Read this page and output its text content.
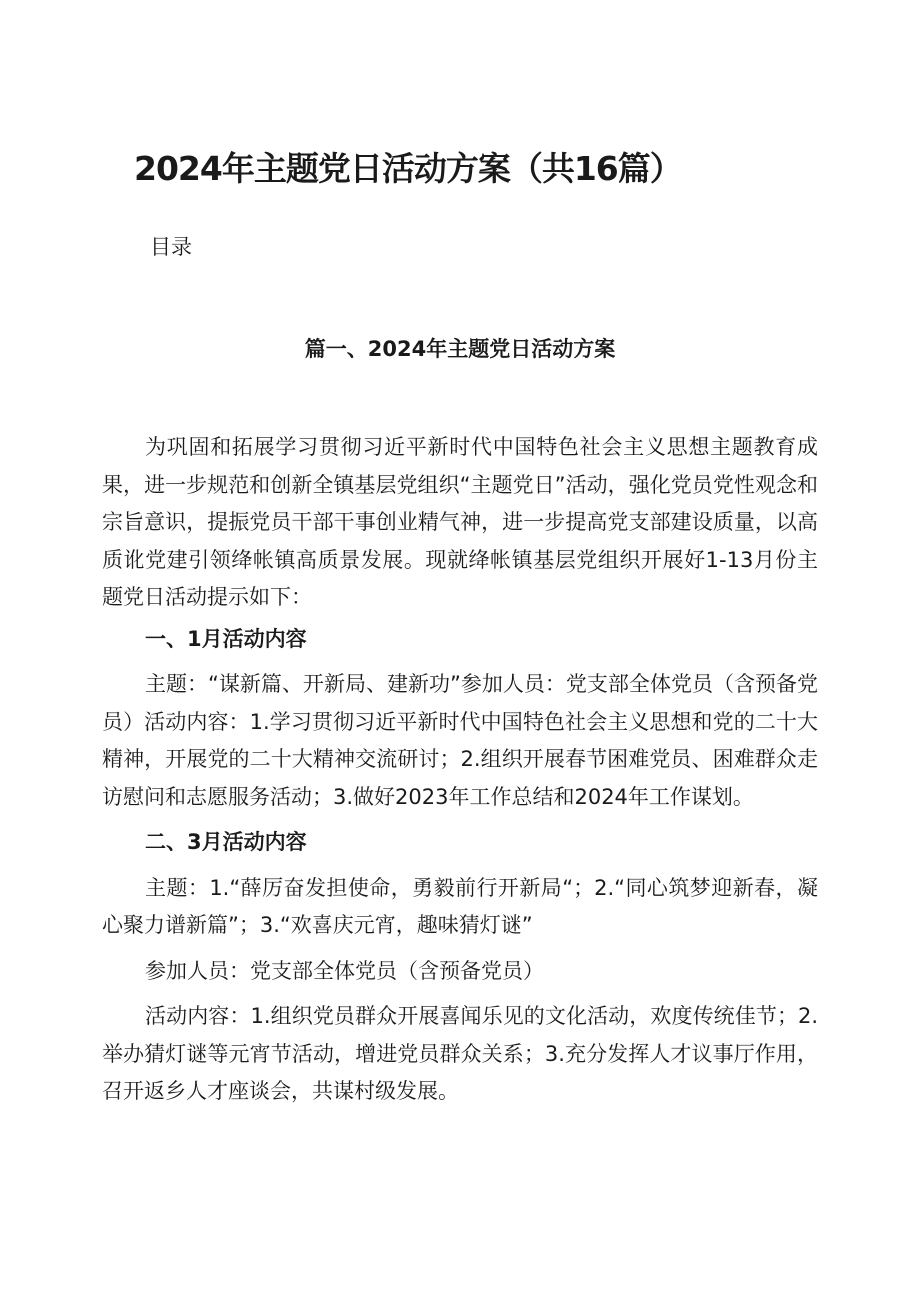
2024年主题党日活动方案（共16篇）
目录
篇一、2024年主题党日活动方案

为巩固和拓展学习贯彻习近平新时代中国特色社会主义思想主题教育成果，进一步规范和创新全镇基层党组织“主题党日”活动，强化党员党性观念和宗旨意识，提振党员干部干事创业精气神，进一步提高党支部建设质量，以高质讹党建引领绛帐镇高质景发展。现就绛帐镇基层党组织开展好1-13月份主题党日活动提示如下：

一、1月活动内容

主题：“谋新篇、开新局、建新功”参加人员：党支部全体党员（含预备党员）活动内容：1.学习贯彻习近平新时代中国特色社会主义思想和党的二十大精神，开展党的二十大精神交流研讨；2.组织开展春节困难党员、困难群众走访慰问和志愿服务活动；3.做好2023年工作总结和2024年工作谋划。

二、3月活动内容

主题：1.“薛厉奋发担使命，勇毅前行开新局“；2.“同心筑梦迎新春，凝心聚力谱新篇”；3.“欢喜庆元宵，趣味猜灯谜”

参加人员：党支部全体党员（含预备党员）

活动内容：1.组织党员群众开展喜闻乐见的文化活动，欢度传统佳节；2.举办猜灯谜等元宵节活动，增进党员群众关系；3.充分发挥人才议事厅作用，召开返乡人才座谈会，共谋村级发展。
